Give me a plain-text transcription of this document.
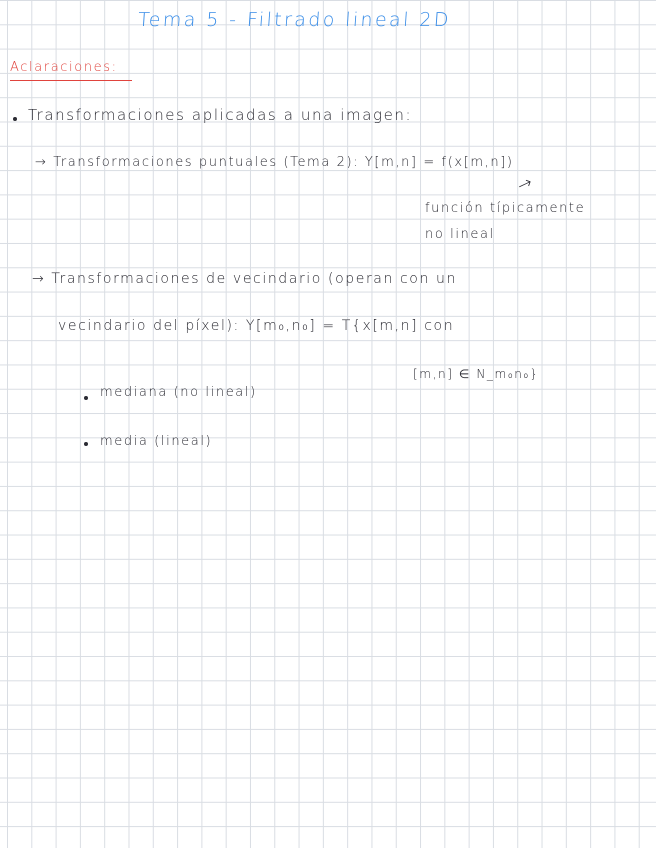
Tema 5 - Filtrado lineal 2D
Aclaraciones:
Transformaciones aplicadas a una imagen:
→ Transformaciones puntuales (Tema 2): Y[m,n] = f(x[m,n])
↗
función típicamente
no lineal
→ Transformaciones de vecindario (operan con un
vecindario del píxel): Y[m₀,n₀] = T{x[m,n] con
[m,n] ∈ N_m₀n₀}
mediana (no lineal)
media (lineal)
